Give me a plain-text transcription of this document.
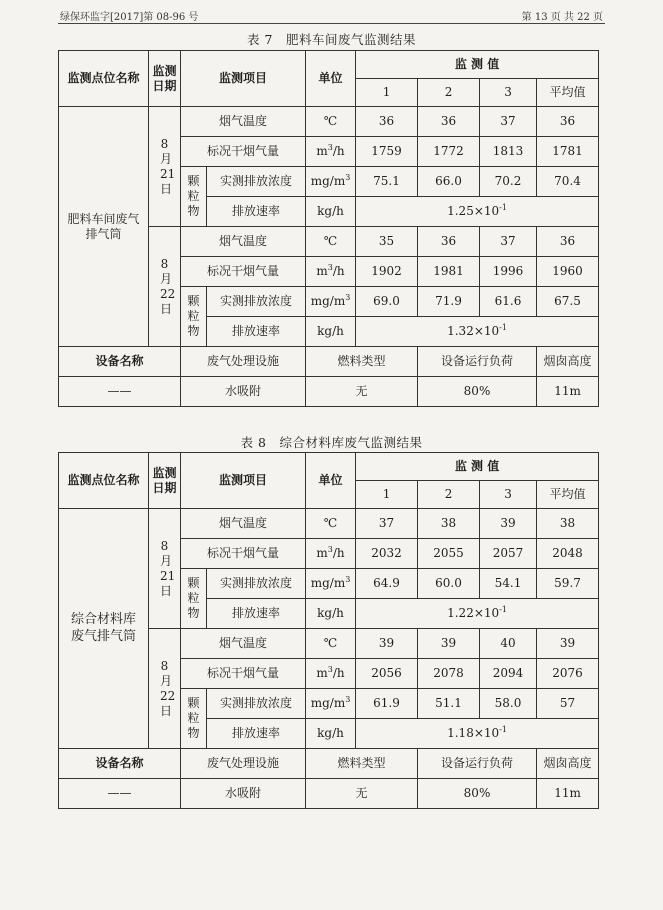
绿保环监字[2017]第 08-96 号	第 13 页 共 22 页
表 7　肥料车间废气监测结果
监测点位名称	监测日期	监测项目		单位	监 测 值			
					1	2	3	平均值
肥料车间废气排气筒	8月21日	烟气温度		℃	36	36	37	36
		标况干烟气量		$m^3/h$	1759	1772	1813	1781
		颗粒物	实测排放浓度	$mg/m^3$	75.1	66.0	70.2	70.4
			排放速率	kg/h	$1.25\times 10^{-1}$
	8月22日	烟气温度		℃	35	36	37	36
		标况干烟气量		$m^3/h$	1902	1981	1996	1960
		颗粒物	实测排放浓度	$mg/m^3$	69.0	71.9	61.6	67.5
			排放速率	kg/h	$1.32\times 10^{-1}$
设备名称		废气处理设施		燃料类型		设备运行负荷		烟囱高度
——		水吸附		无		80%		11m
表 8　综合材料库废气监测结果
监测点位名称	监测日期	监测项目		单位	监 测 值			
					1	2	3	平均值
综合材料库废气排气筒	8月21日	烟气温度		℃	37	38	39	38
		标况干烟气量		$m^3/h$	2032	2055	2057	2048
		颗粒物	实测排放浓度	$mg/m^3$	64.9	60.0	54.1	59.7
			排放速率	kg/h	$1.22\times 10^{-1}$
	8月22日	烟气温度		℃	39	39	40	39
		标况干烟气量		$m^3/h$	2056	2078	2094	2076
		颗粒物	实测排放浓度	$mg/m^3$	61.9	51.1	58.0	57
			排放速率	kg/h	$1.18\times 10^{-1}$
设备名称		废气处理设施		燃料类型		设备运行负荷		烟囱高度
——		水吸附		无		80%		11m
